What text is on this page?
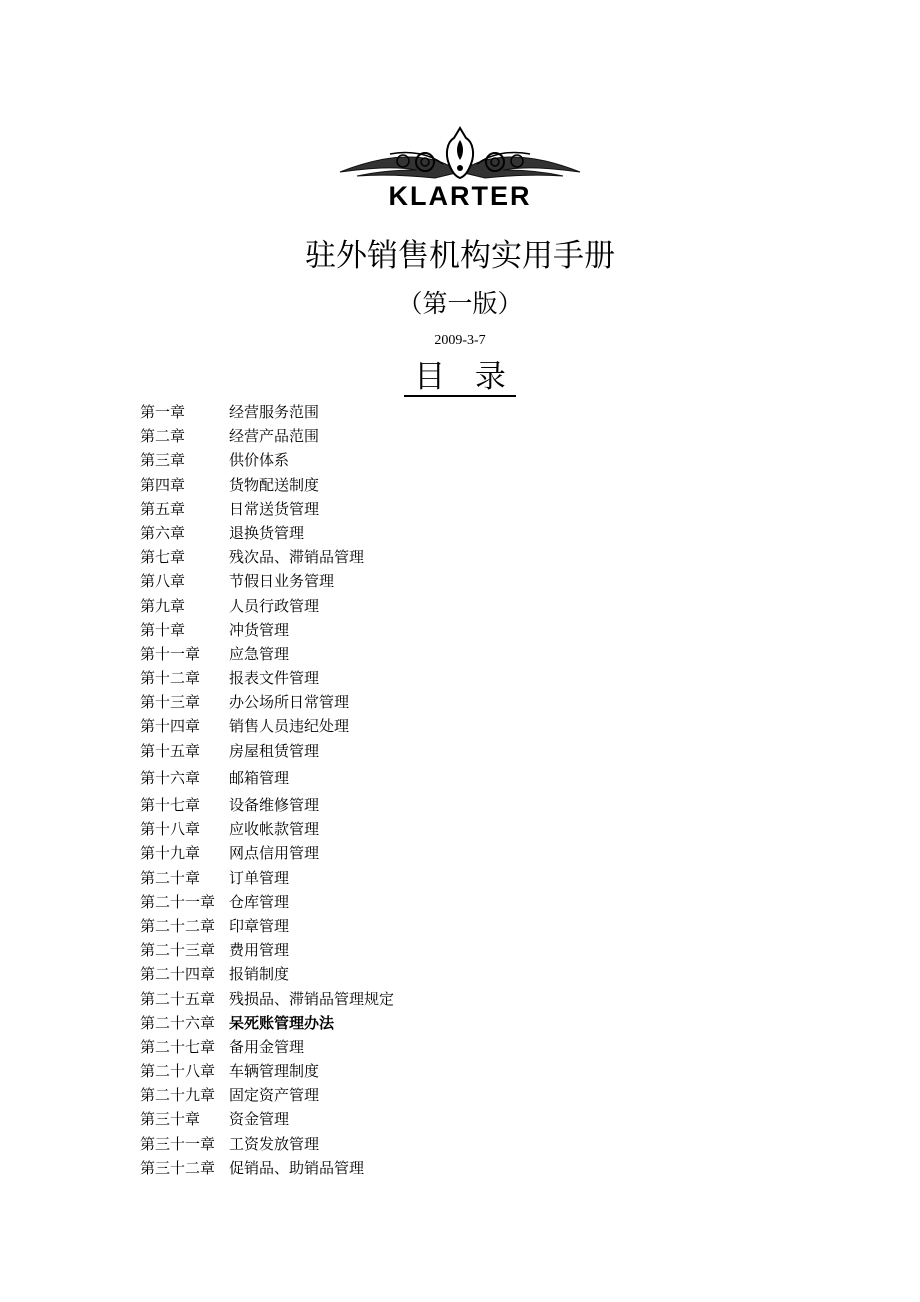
KLARTER
驻外销售机构实用手册
（第一版）
2009-3-7
目 录
第一章	经营服务范围
第二章	经营产品范围
第三章	供价体系
第四章	货物配送制度
第五章	日常送货管理
第六章	退换货管理
第七章	残次品、滞销品管理
第八章	节假日业务管理
第九章	人员行政管理
第十章	冲货管理
第十一章 应急管理
第十二章 报表文件管理
第十三章 办公场所日常管理
第十四章 销售人员违纪处理
第十五章 房屋租赁管理
第十六章 邮箱管理
第十七章 设备维修管理
第十八章 应收帐款管理
第十九章 网点信用管理
第二十章 订单管理
第二十一章 仓库管理
第二十二章 印章管理
第二十三章 费用管理
第二十四章 报销制度
第二十五章 残损品、滞销品管理规定
第二十六章 呆死账管理办法
第二十七章 备用金管理
第二十八章 车辆管理制度
第二十九章 固定资产管理
第三十章 资金管理
第三十一章 工资发放管理
第三十二章 促销品、助销品管理
